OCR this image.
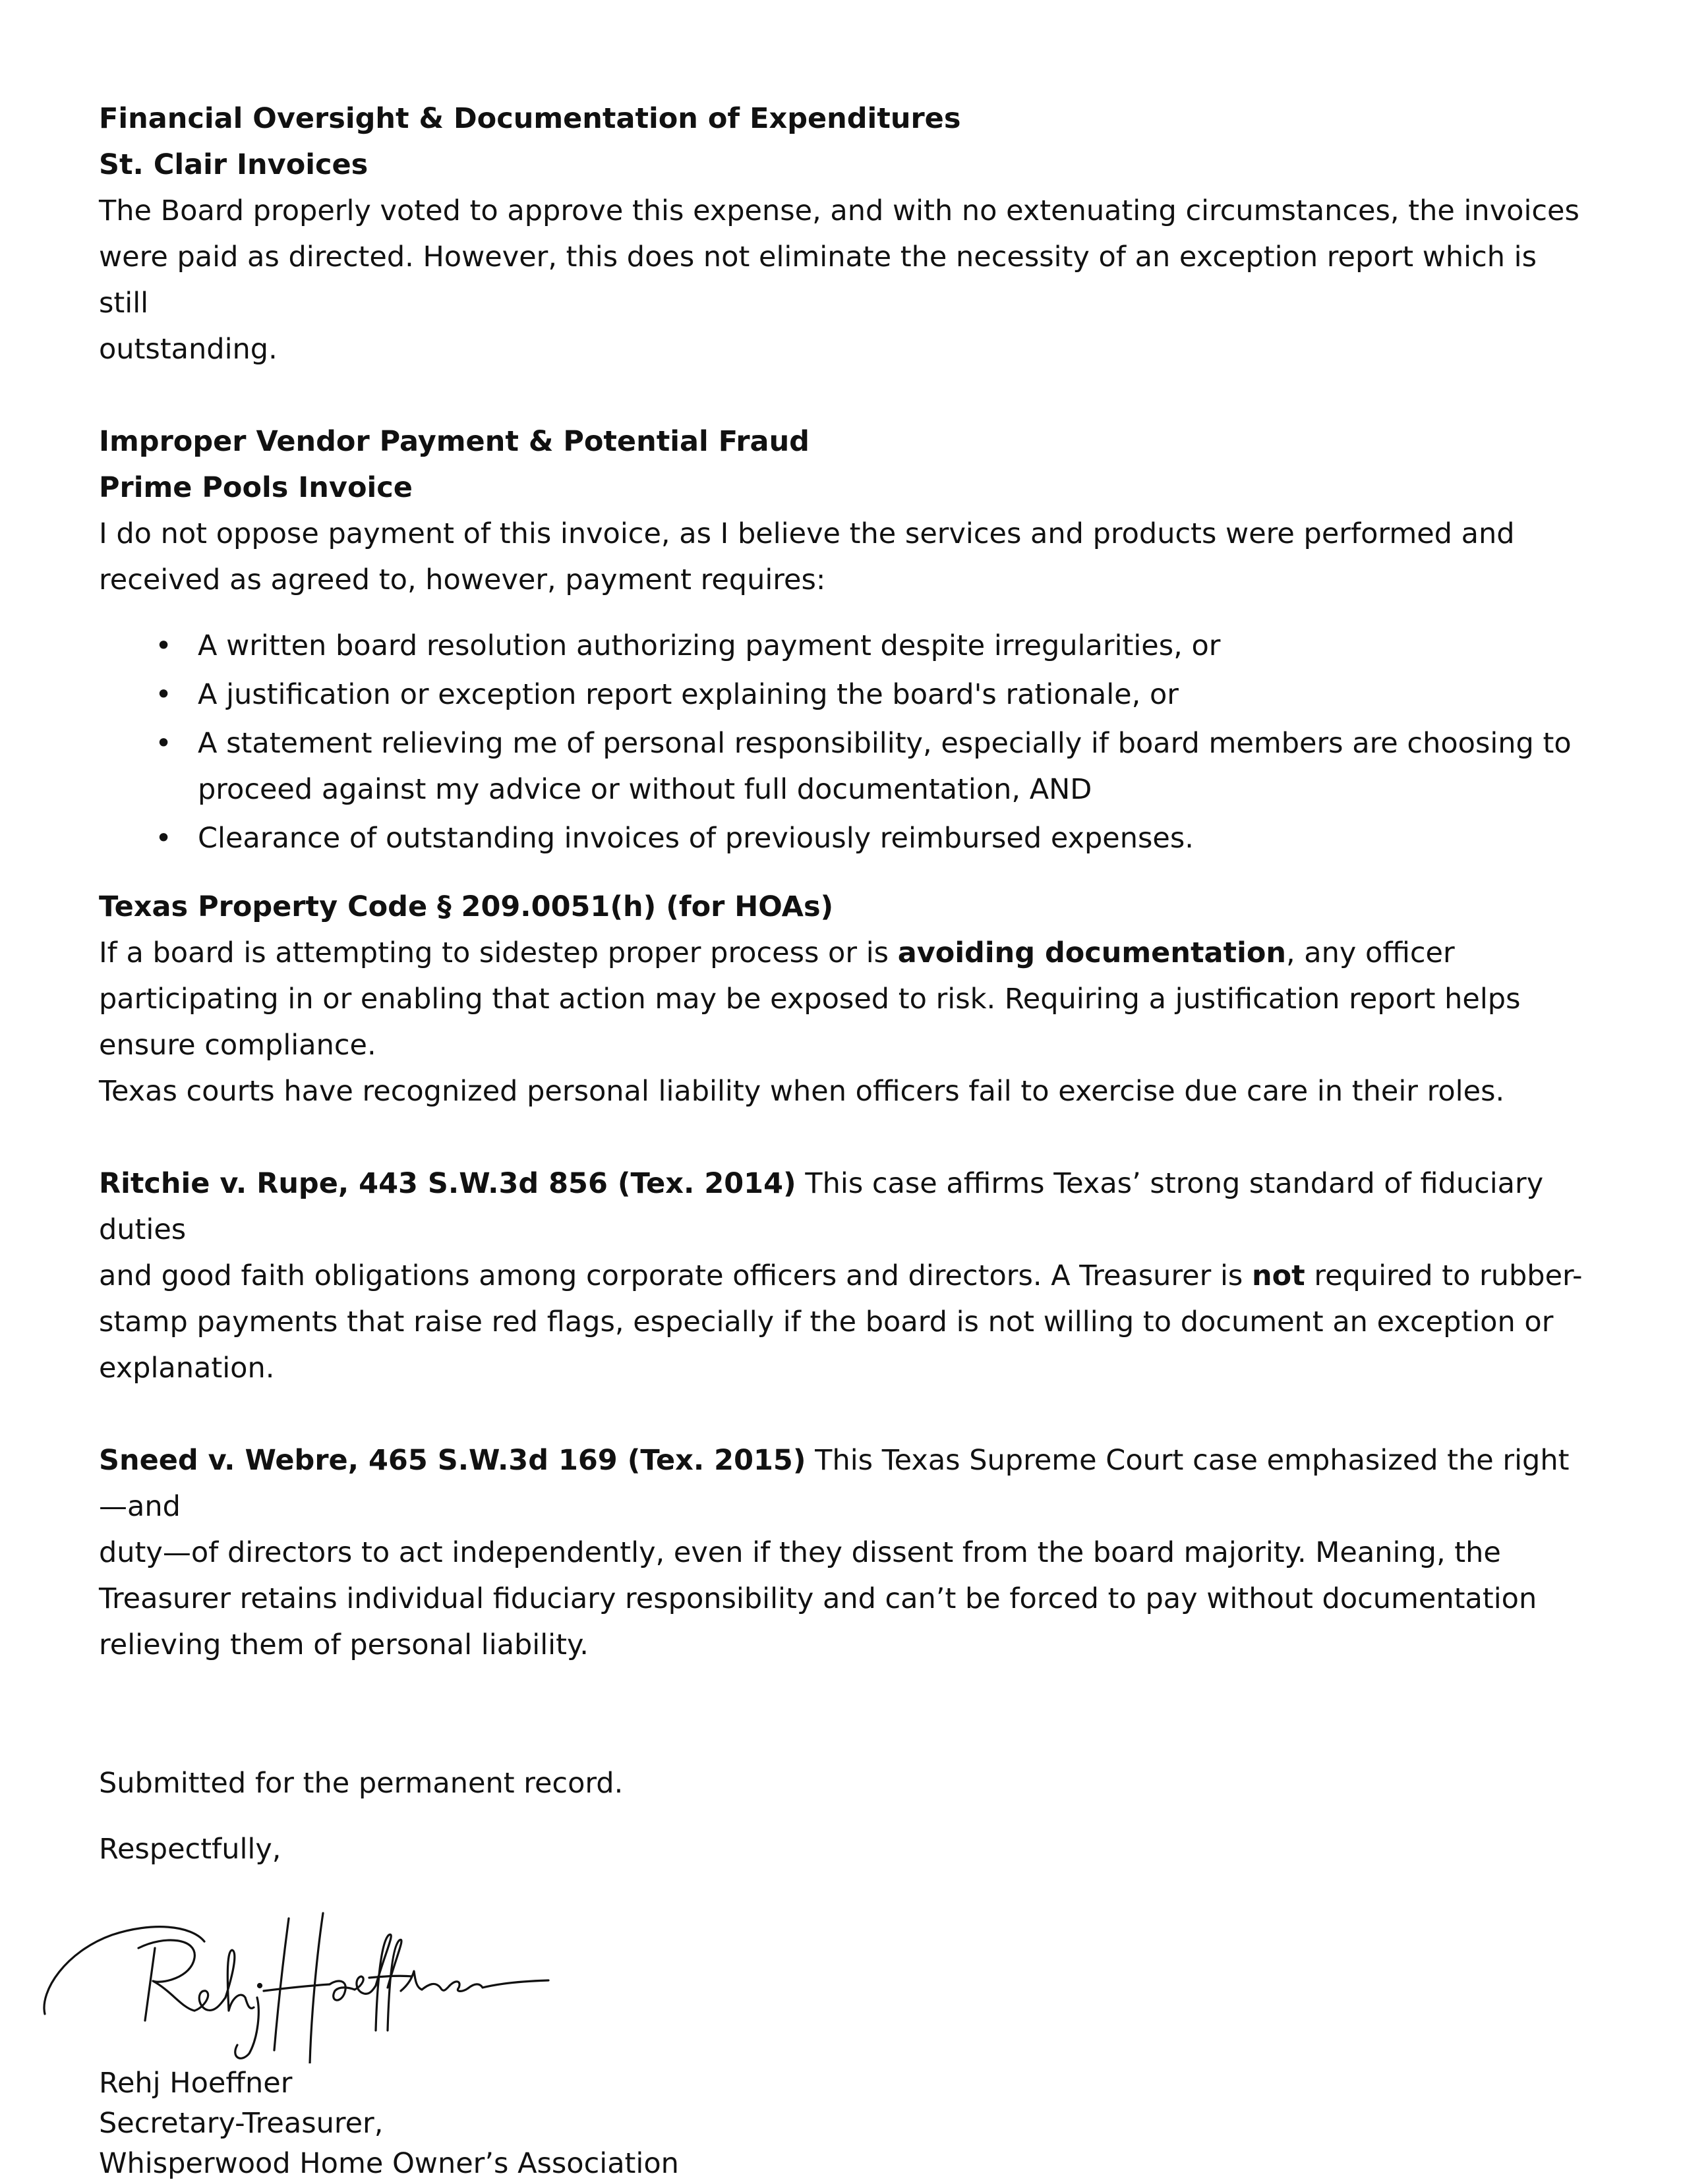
Financial Oversight & Documentation of Expenditures

St. Clair Invoices

The Board properly voted to approve this expense, and with no extenuating circumstances, the invoices

were paid as directed. However, this does not eliminate the necessity of an exception report which is still

outstanding.

Improper Vendor Payment & Potential Fraud

Prime Pools Invoice

I do not oppose payment of this invoice, as I believe the services and products were performed and

received as agreed to, however, payment requires:

• A written board resolution authorizing payment despite irregularities, or
• A justification or exception report explaining the board's rationale, or
• A statement relieving me of personal responsibility, especially if board members are choosing to
proceed against my advice or without full documentation, AND
• Clearance of outstanding invoices of previously reimbursed expenses.

Texas Property Code § 209.0051(h) (for HOAs)

If a board is attempting to sidestep proper process or is avoiding documentation, any officer

participating in or enabling that action may be exposed to risk. Requiring a justification report helps

ensure compliance.

Texas courts have recognized personal liability when officers fail to exercise due care in their roles.

Ritchie v. Rupe, 443 S.W.3d 856 (Tex. 2014) This case affirms Texas’ strong standard of fiduciary duties

and good faith obligations among corporate officers and directors. A Treasurer is not required to rubber-

stamp payments that raise red flags, especially if the board is not willing to document an exception or

explanation.

Sneed v. Webre, 465 S.W.3d 169 (Tex. 2015) This Texas Supreme Court case emphasized the right—and

duty—of directors to act independently, even if they dissent from the board majority. Meaning, the

Treasurer retains individual fiduciary responsibility and can’t be forced to pay without documentation

relieving them of personal liability.

Submitted for the permanent record.

Respectfully,

Rehj Hoeffner

Secretary-Treasurer,

Whisperwood Home Owner’s Association
